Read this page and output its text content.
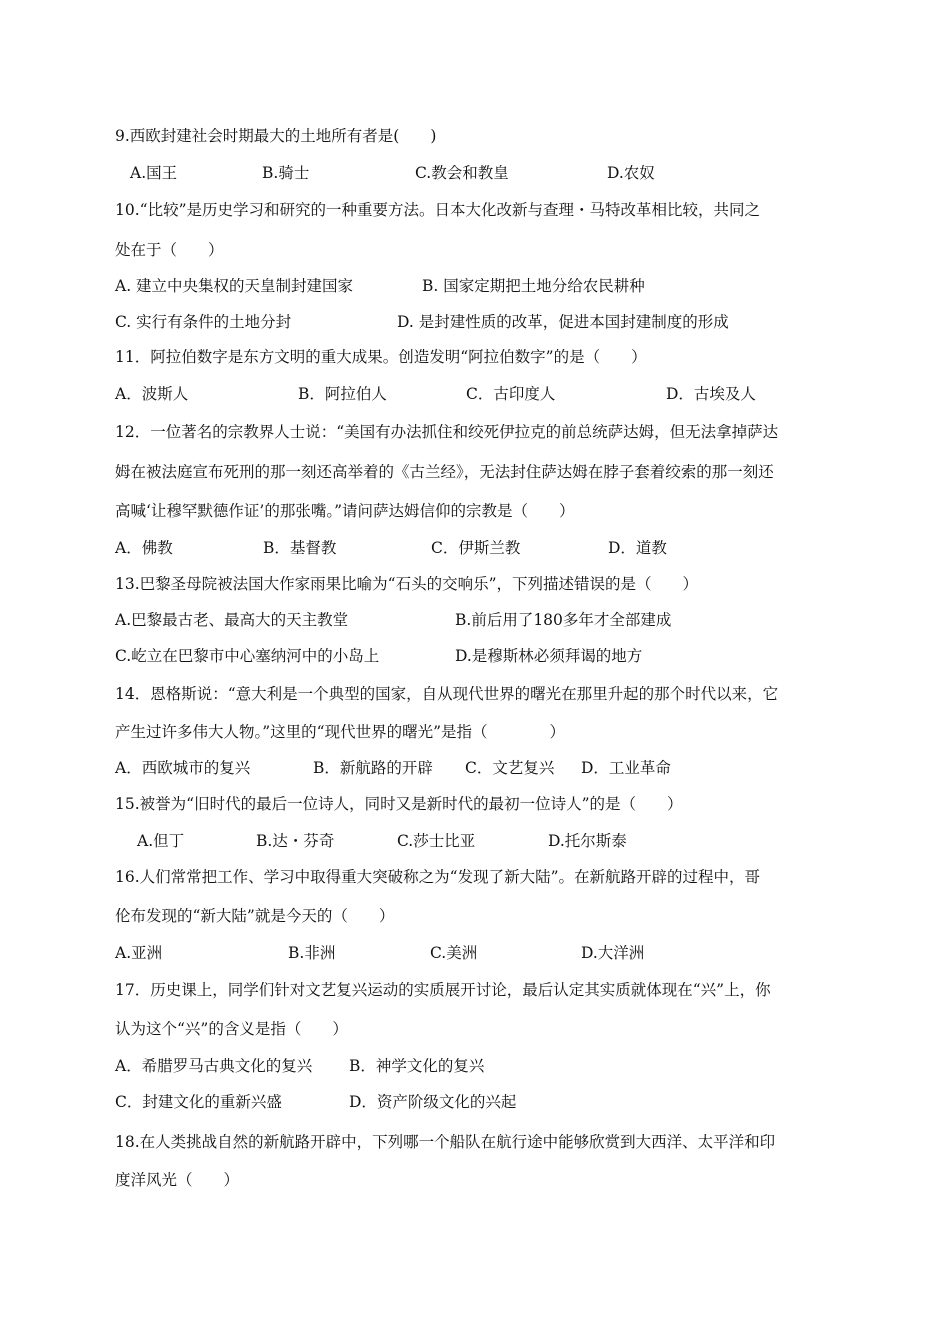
9.西欧封建社会时期最大的土地所有者是(　　)
A.国王	B.骑士	C.教会和教皇	D.农奴
10.“比较”是历史学习和研究的一种重要方法。日本大化改新与查理・马特改革相比较，共同之
处在于（　　）
A. 建立中央集权的天皇制封建国家	B. 国家定期把土地分给农民耕种
C. 实行有条件的土地分封	D. 是封建性质的改革，促进本国封建制度的形成
11．阿拉伯数字是东方文明的重大成果。创造发明“阿拉伯数字”的是（　　）
A．波斯人	B．阿拉伯人	C．古印度人	D．古埃及人
12．一位著名的宗教界人士说：“美国有办法抓住和绞死伊拉克的前总统萨达姆，但无法拿掉萨达
姆在被法庭宣布死刑的那一刻还高举着的《古兰经》，无法封住萨达姆在脖子套着绞索的那一刻还
高喊‘让穆罕默德作证’的那张嘴。”请问萨达姆信仰的宗教是（　　）
A．佛教	B．基督教	C．伊斯兰教	D．道教
13.巴黎圣母院被法国大作家雨果比喻为“石头的交响乐”，下列描述错误的是（　　）
A.巴黎最古老、最高大的天主教堂	B.前后用了180多年才全部建成
C.屹立在巴黎市中心塞纳河中的小岛上	D.是穆斯林必须拜谒的地方
14．恩格斯说：“意大利是一个典型的国家，自从现代世界的曙光在那里升起的那个时代以来，它
产生过许多伟大人物。”这里的“现代世界的曙光”是指（　　　　）
A．西欧城市的复兴	B．新航路的开辟 C．文艺复兴 D．工业革命
15.被誉为“旧时代的最后一位诗人，同时又是新时代的最初一位诗人”的是（　　）
A.但丁	B.达・芬奇	C.莎士比亚	D.托尔斯泰
16.人们常常把工作、学习中取得重大突破称之为“发现了新大陆”。在新航路开辟的过程中，哥
伦布发现的“新大陆”就是今天的（　　）
A.亚洲	B.非洲	C.美洲	D.大洋洲
17．历史课上，同学们针对文艺复兴运动的实质展开讨论，最后认定其实质就体现在“兴”上，你
认为这个“兴”的含义是指（　　）
A．希腊罗马古典文化的复兴 B．神学文化的复兴
C．封建文化的重新兴盛	D．资产阶级文化的兴起
18.在人类挑战自然的新航路开辟中，下列哪一个船队在航行途中能够欣赏到大西洋、太平洋和印
度洋风光（　　）
